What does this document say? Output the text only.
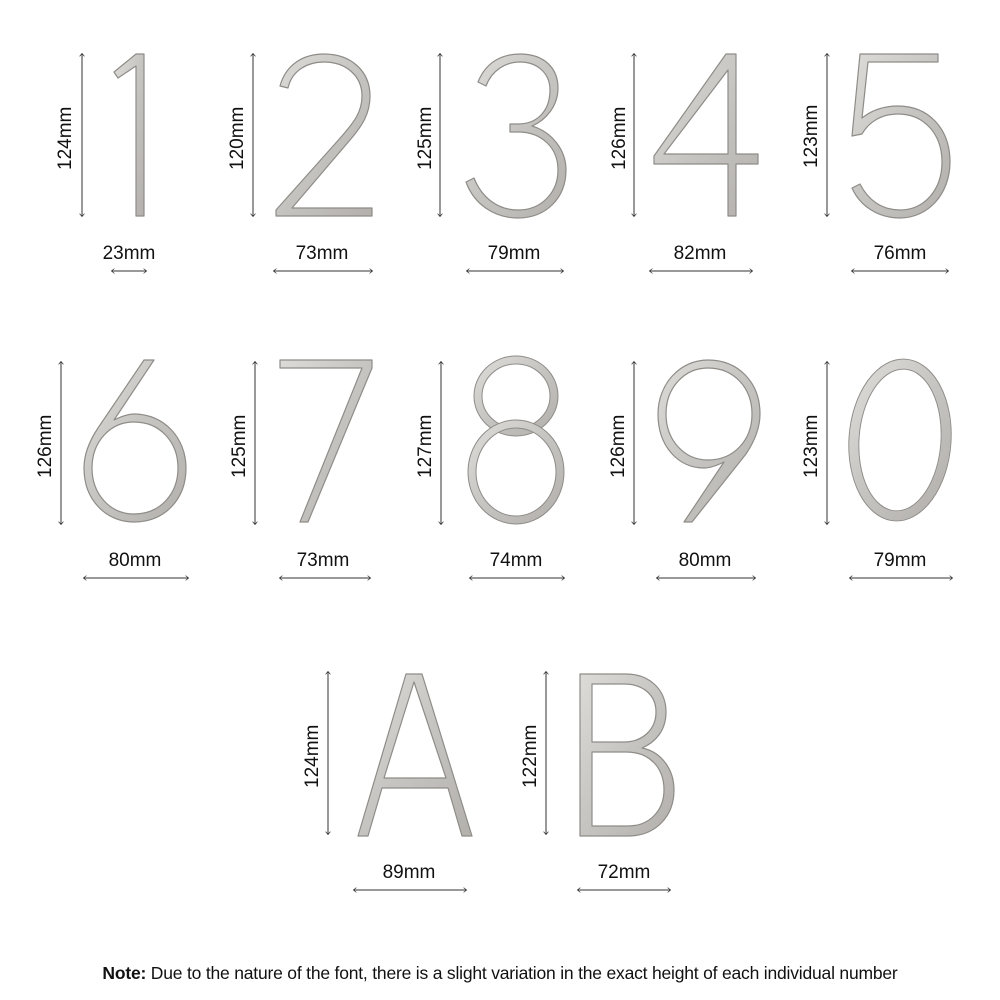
124mm
23mm
120mm
73mm
125mm
79mm
126mm
82mm
123mm
76mm
126mm
80mm
125mm
73mm
127mm
74mm
126mm
80mm
123mm
79mm
124mm
89mm
122mm
72mm
Note: Due to the nature of the font, there is a slight variation in the exact height of each individual number
